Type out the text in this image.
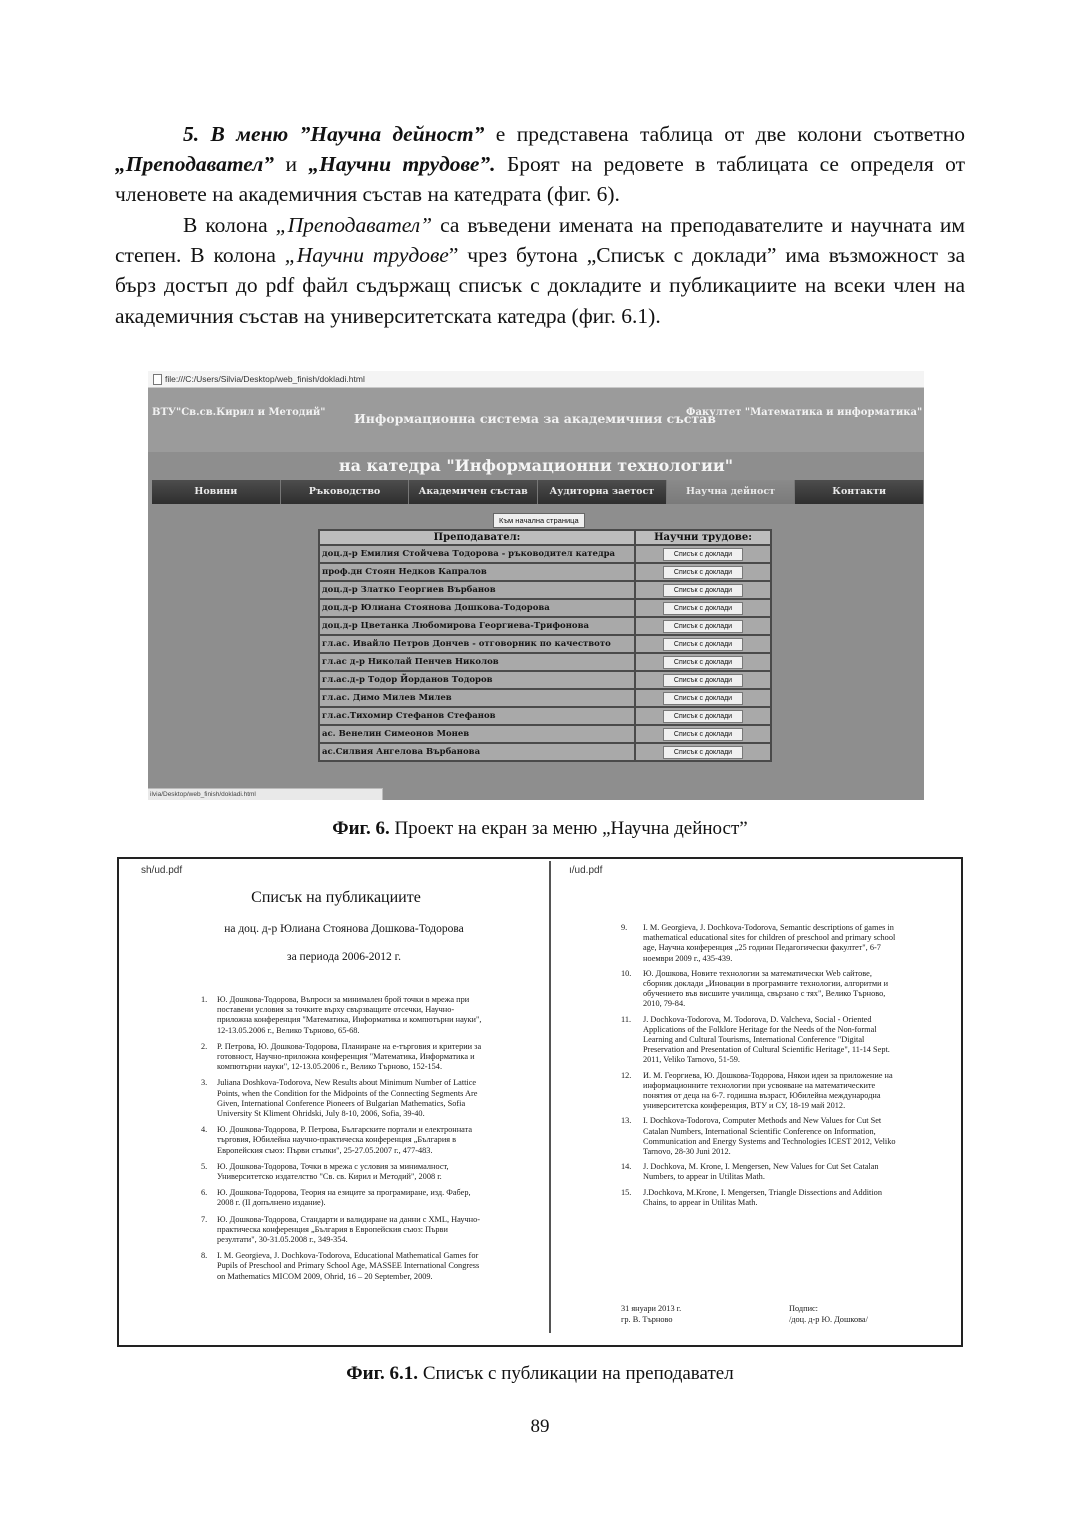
5. В меню ”Научна дейност” е представена таблица от две колони съответно „Преподавател” и „Научни трудове”. Броят на редовете в таблицата се определя от членовете на академичния състав на катедрата (фиг. 6).
В колона „Преподавател” са въведени имената на преподавателите и научната им степен. В колона „Научни трудове” чрез бутона „Списък с доклади” има възможност за бърз достъп до pdf файл съдържащ списък с докладите и публикациите на всеки член на академичния състав на университетската катедра (фиг. 6.1).
file:///C:/Users/Silvia/Desktop/web_finish/dokladi.html
ВТУ"Св.св.Кирил и Методий" Информационна система за академичния състав
Факултет "Математика и информатика"
на катедра "Информационни технологии"
Новини	Ръководство	Академичен състав	Аудиторна заетост	Научна дейност	Контакти
Към начална страница
Преподавател:	Научни трудове:
доц.д-р Емилия Стойчева Тодорова - ръководител катедра	Списък с доклади
проф.дн Стоян Недков Капралов	Списък с доклади
доц.д-р Златко Георгиев Върбанов	Списък с доклади
доц.д-р Юлиана Стоянова Дошкова-Тодорова	Списък с доклади
доц.д-р Цветанка Любомирова Георгиева-Трифонова	Списък с доклади
гл.ас. Ивайло Петров Дончев - отговорник по качеството	Списък с доклади
гл.ас д-р Николай Пенчев Николов	Списък с доклади
гл.ас.д-р Тодор Йорданов Тодоров	Списък с доклади
гл.ас. Димо Милев Милев	Списък с доклади
гл.ас.Тихомир Стефанов Стефанов	Списък с доклади
ас. Венелин Симеонов Монев	Списък с доклади
ас.Силвия Ангелова Върбанова	Списък с доклади
ilvia/Desktop/web_finish/dokladi.html
Фиг. 6. Проект на екран за меню „Научна дейност”
sh/ud.pdf
Списък на публикациите
на доц. д-р Юлиана Стоянова Дошкова-Тодорова
за периода 2006-2012 г.
1. Ю. Дошкова-Тодорова, Въпроси за минимален брой точки в мрежа при поставени условия за точките върху свързващите отсечки, Научно-приложна конференция "Математика, Информатика и компютърни науки", 12-13.05.2006 г., Велико Търново, 65-68.
2. Р. Петрова, Ю. Дошкова-Тодорова, Планиране на е-търговия и критерии за готовност, Научно-приложна конференция "Математика, Информатика и компютърни науки", 12-13.05.2006 г., Велико Търново, 152-154.
3. Juliana Doshkova-Todorova, New Results about Minimum Number of Lattice Points, when the Condition for the Midpoints of the Connecting Segments Are Given, International Conference Pioneers of Bulgarian Mathematics, Sofia University St Kliment Ohridski, July 8-10, 2006, Sofia, 39-40.
4. Ю. Дошкова-Тодорова, Р. Петрова, Българските портали и електронната търговия, Юбилейна научно-практическа конференция „България в Европейския съюз: Първи стъпки", 25-27.05.2007 г., 477-483.
5. Ю. Дошкова-Тодорова, Точки в мрежа с условия за минималност, Университетско издателство "Св. св. Кирил и Методий", 2008 г.
6. Ю. Дошкова-Тодорова, Теория на езиците за програмиране, изд. Фабер, 2008 г. (II допълнено издание).
7. Ю. Дошкова-Тодорова, Стандарти и валидиране на данни с XML, Научно-практическа конференция „България в Европейския съюз: Първи резултати", 30-31.05.2008 г., 349-354.
8. I. M. Georgieva, J. Dochkova-Todorova, Educational Mathematical Games for Pupils of Preschool and Primary School Age, MASSEE International Congress on Mathematics MICOM 2009, Ohrid, 16 – 20 September, 2009.
ı/ud.pdf
9. I. M. Georgieva, J. Dochkova-Todorova, Semantic descriptions of games in mathematical educational sites for children of preschool and primary school age, Научна конференция „25 години Педагогически факултет", 6-7 ноември 2009 г., 435-439.
10. Ю. Дошкова, Новите технологии за математически Web сайтове, сборник доклади „Иновации в програмните технологии, алгоритми и обучението във висшите училища, свързано с тях", Велико Търново, 2010, 79-84.
11. J. Dochkova-Todorova, M. Todorova, D. Valcheva, Social - Oriented Applications of the Folklore Heritage for the Needs of the Non-formal Learning and Cultural Tourisms, International Conference "Digital Preservation and Presentation of Cultural Scientific Heritage", 11-14 Sept. 2011, Veliko Tarnovo, 51-59.
12. И. М. Георгиева, Ю. Дошкова-Тодорова, Някои идеи за приложение на информационните технологии при усвояване на математическите понятия от деца на 6-7. годишна възраст, Юбилейна международна университетска конференция, ВТУ и СУ, 18-19 май 2012.
13. I. Dochkova-Todorova, Computer Methods and New Values for Cut Set Catalan Numbers, International Scientific Conference on Information, Communication and Energy Systems and Technologies ICEST 2012, Veliko Tarnovo, 28-30 Juni 2012.
14. J. Dochkova, M. Krone, I. Mengersen, New Values for Cut Set Catalan Numbers, to appear in Utilitas Math.
15. J.Dochkova, M.Krone, I. Mengersen, Triangle Dissections and Addition Chains, to appear in Utilitas Math.
31 януари 2013 г.
гр. В. Търново
Подпис:
/доц. д-р Ю. Дошкова/
Фиг. 6.1. Списък с публикации на преподавател
89
